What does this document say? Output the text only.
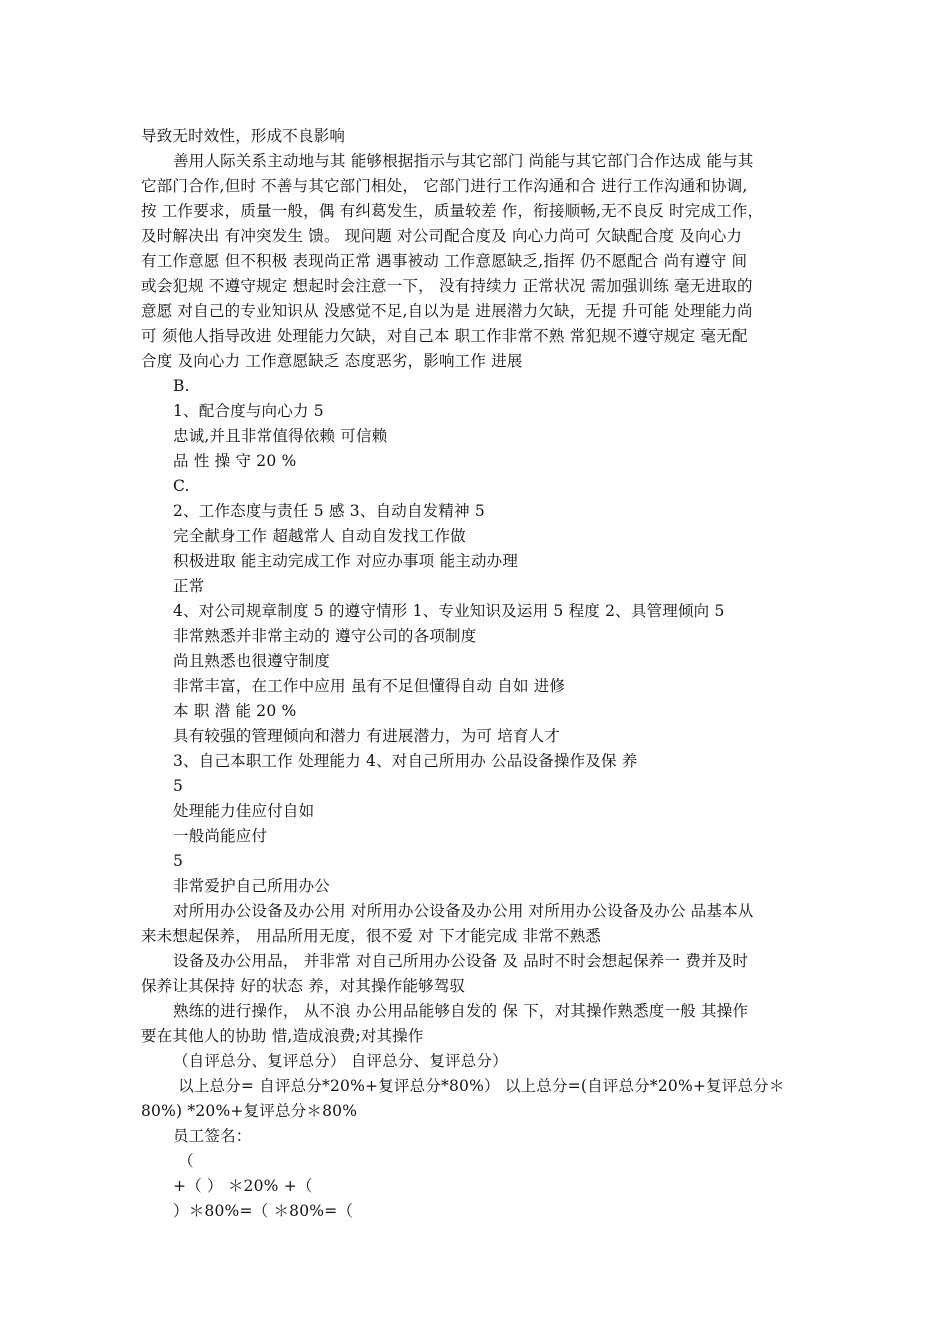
导致无时效性，形成不良影响
善用人际关系主动地与其 能够根据指示与其它部门 尚能与其它部门合作达成 能与其
它部门合作,但时 不善与其它部门相处， 它部门进行工作沟通和合 进行工作沟通和协调,
按 工作要求，质量一般，偶 有纠葛发生，质量较差 作，衔接顺畅,无不良反 时完成工作，
及时解决出 有冲突发生 馈。 现问题 对公司配合度及 向心力尚可 欠缺配合度 及向心力
有工作意愿 但不积极 表现尚正常 遇事被动 工作意愿缺乏,指挥 仍不愿配合 尚有遵守 间
或会犯规 不遵守规定 想起时会注意一下， 没有持续力 正常状况 需加强训练 毫无进取的
意愿 对自己的专业知识从 没感觉不足,自以为是 进展潜力欠缺，无提 升可能 处理能力尚
可 须他人指导改进 处理能力欠缺，对自己本 职工作非常不熟 常犯规不遵守规定 毫无配
合度 及向心力 工作意愿缺乏 态度恶劣，影响工作 进展
B.
1、配合度与向心力 5
忠诚,并且非常值得依赖 可信赖
品 性 操 守 20 %
C.
2、工作态度与责任 5 感 3、自动自发精神 5
完全献身工作 超越常人 自动自发找工作做
积极进取 能主动完成工作 对应办事项 能主动办理
正常
4、对公司规章制度 5 的遵守情形 1、专业知识及运用 5 程度 2、具管理倾向 5
非常熟悉并非常主动的 遵守公司的各项制度
尚且熟悉也很遵守制度
非常丰富，在工作中应用 虽有不足但懂得自动 自如 进修
本 职 潜 能 20 %
具有较强的管理倾向和潜力 有进展潜力，为可 培育人才
3、自己本职工作 处理能力 4、对自己所用办 公品设备操作及保 养
5
处理能力佳应付自如
一般尚能应付
5
非常爱护自己所用办公
对所用办公设备及办公用 对所用办公设备及办公用 对所用办公设备及办公 品基本从
来未想起保养， 用品所用无度，很不爱 对 下才能完成 非常不熟悉
设备及办公用品， 并非常 对自己所用办公设备 及 品时不时会想起保养一 费并及时
保养让其保持 好的状态 养，对其操作能够驾驭
熟练的进行操作， 从不浪 办公用品能够自发的 保 下，对其操作熟悉度一般 其操作
要在其他人的协助 惜,造成浪费;对其操作
（自评总分、复评总分） 自评总分、复评总分）
以上总分= 自评总分*20%+复评总分*80%） 以上总分=(自评总分*20%+复评总分＊
80%) *20%+复评总分＊80%
员工签名：
（
+（ ） ＊20% +（
）＊80%=（ ＊80%=（
